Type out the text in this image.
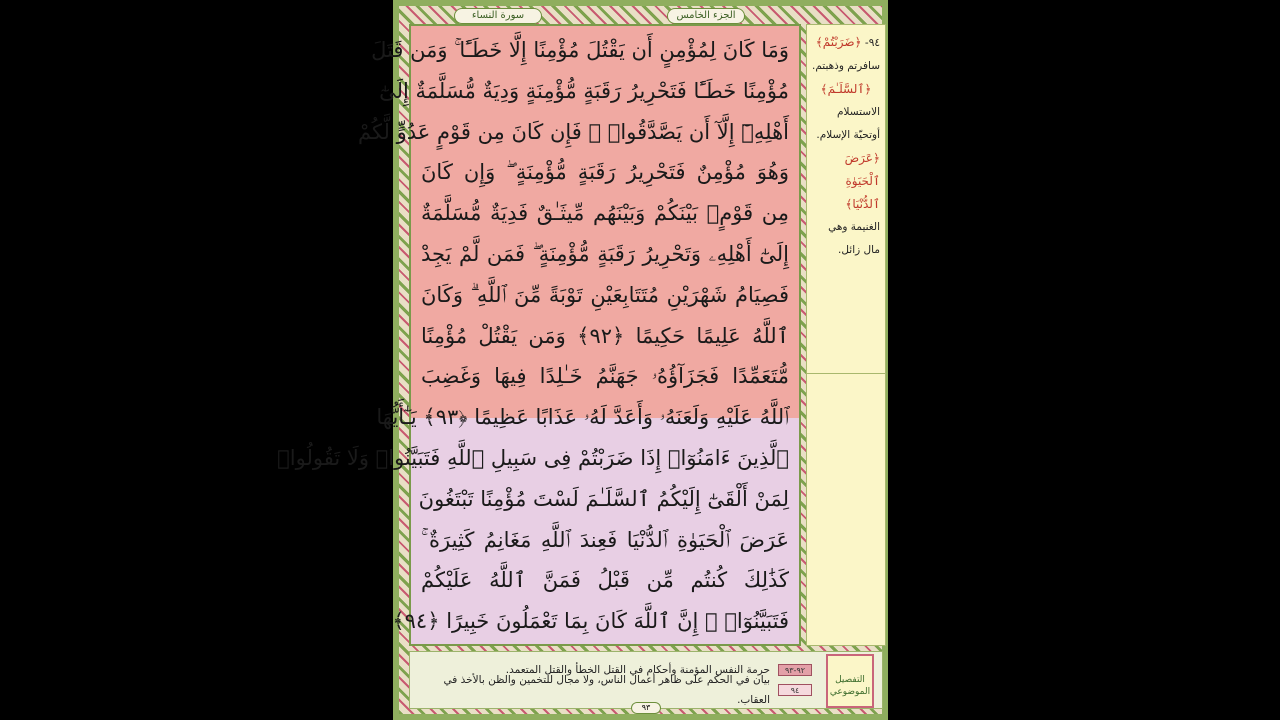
سورة النساء	الجزء الخامس
وَمَا كَانَ لِمُؤْمِنٍ أَن يَقْتُلَ مُؤْمِنًا إِلَّا خَطَـًٔا ۚ وَمَن قَتَلَ
مُؤْمِنًا خَطَـًٔا فَتَحْرِيرُ رَقَبَةٍ مُّؤْمِنَةٍ وَدِيَةٌ مُّسَلَّمَةٌ إِلَىٰٓ
أَهْلِهِۦٓ إِلَّآ أَن يَصَّدَّقُوا۟ ۚ فَإِن كَانَ مِن قَوْمٍ عَدُوٍّ لَّكُمْ
وَهُوَ مُؤْمِنٌ فَتَحْرِيرُ رَقَبَةٍ مُّؤْمِنَةٍ ۖ وَإِن كَانَ
مِن قَوْمٍۭ بَيْنَكُمْ وَبَيْنَهُم مِّيثَـٰقٌ فَدِيَةٌ مُّسَلَّمَةٌ
إِلَىٰٓ أَهْلِهِۦ وَتَحْرِيرُ رَقَبَةٍ مُّؤْمِنَةٍ ۖ فَمَن لَّمْ يَجِدْ
فَصِيَامُ شَهْرَيْنِ مُتَتَابِعَيْنِ تَوْبَةً مِّنَ ٱللَّهِ ۗ وَكَانَ
ٱللَّهُ عَلِيمًا حَكِيمًا ﴿٩٢﴾ وَمَن يَقْتُلْ مُؤْمِنًا
مُّتَعَمِّدًا فَجَزَآؤُهُۥ جَهَنَّمُ خَـٰلِدًا فِيهَا وَغَضِبَ
ٱللَّهُ عَلَيْهِ وَلَعَنَهُۥ وَأَعَدَّ لَهُۥ عَذَابًا عَظِيمًا ﴿٩٣﴾ يَـٰٓأَيُّهَا
ٱلَّذِينَ ءَامَنُوٓا۟ إِذَا ضَرَبْتُمْ فِى سَبِيلِ ٱللَّهِ فَتَبَيَّنُوا۟ وَلَا تَقُولُوا۟
لِمَنْ أَلْقَىٰٓ إِلَيْكُمُ ٱلسَّلَـٰمَ لَسْتَ مُؤْمِنًا تَبْتَغُونَ
عَرَضَ ٱلْحَيَوٰةِ ٱلدُّنْيَا فَعِندَ ٱللَّهِ مَغَانِمُ كَثِيرَةٌ ۚ
كَذَٰلِكَ كُنتُم مِّن قَبْلُ فَمَنَّ ٱللَّهُ عَلَيْكُمْ
فَتَبَيَّنُوٓا۟ ۚ إِنَّ ٱللَّهَ كَانَ بِمَا تَعْمَلُونَ خَبِيرًا ﴿٩٤﴾
٩٤- ﴿ضَرَبْتُمْ﴾
سافرتم وذهبتم.
﴿ٱلسَّلَـٰمَ﴾
الاستسلام أوتحيّة الإسلام.
﴿عَرَضَ ٱلْحَيَوٰةِ ٱلدُّنْيَا﴾
الغنيمة وهي مال زائل.
التفصيل الموضوعي
٩٢-٩٣
حرمة النفس المؤمنة وأحكام في القتل الخطأ والقتل المتعمد.
٩٤
بيان في الحكم على ظاهر أعمال الناس، ولا مجال للتخمين والظن بالأخذ في العقاب.
٩٣
